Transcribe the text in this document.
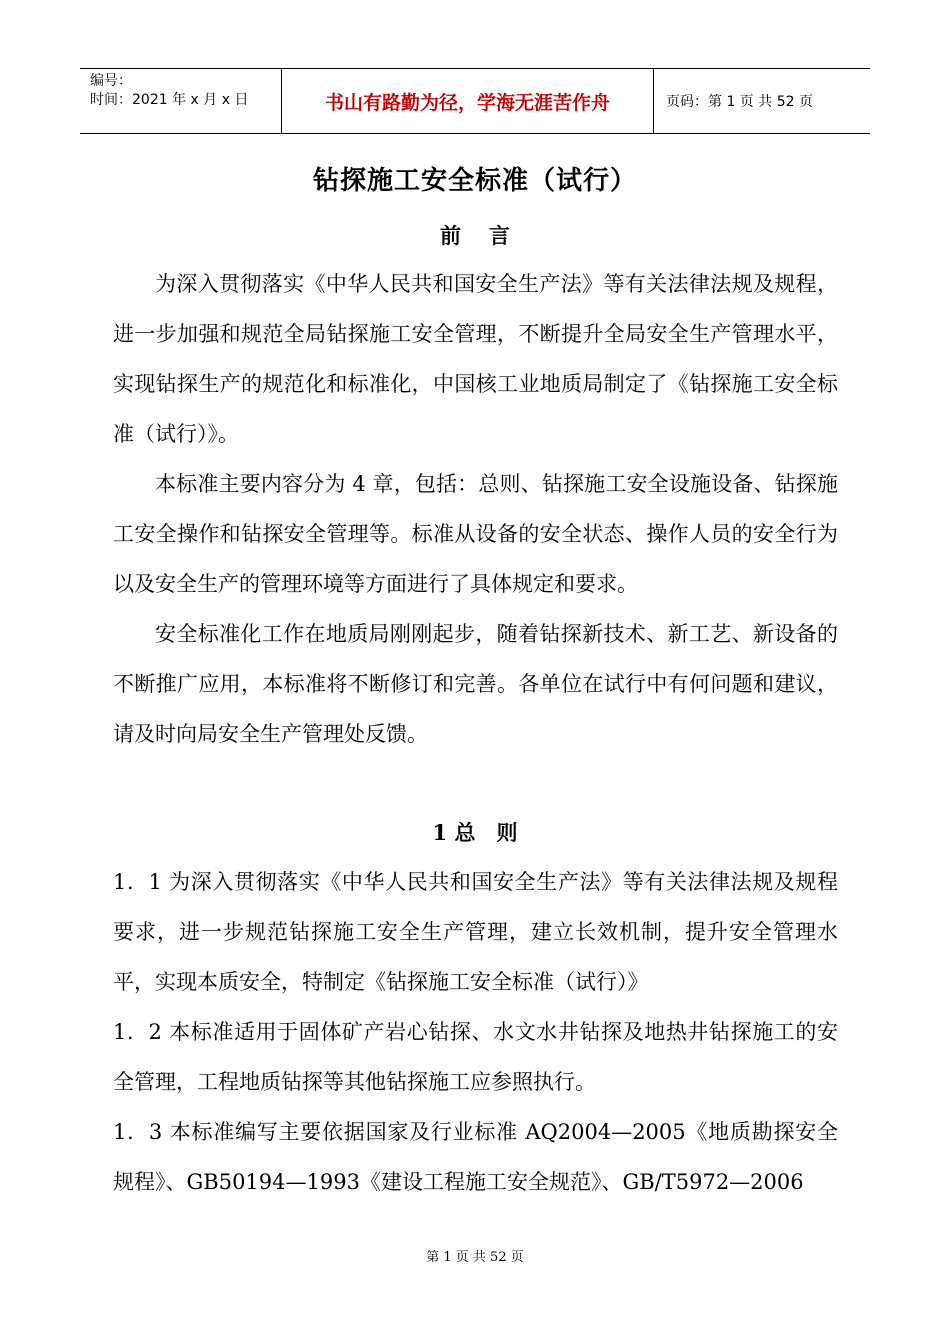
编号：
时间：2021 年 x 月 x 日	书山有路勤为径，学海无涯苦作舟	页码：第 1 页 共 52 页
钻探施工安全标准（试行）
前言
为深入贯彻落实《中华人民共和国安全生产法》等有关法律法规及规程，进一步加强和规范全局钻探施工安全管理，不断提升全局安全生产管理水平，实现钻探生产的规范化和标准化，中国核工业地质局制定了《钻探施工安全标准（试行）》。
本标准主要内容分为 4 章，包括：总则、钻探施工安全设施设备、钻探施工安全操作和钻探安全管理等。标准从设备的安全状态、操作人员的安全行为以及安全生产的管理环境等方面进行了具体规定和要求。
安全标准化工作在地质局刚刚起步，随着钻探新技术、新工艺、新设备的不断推广应用，本标准将不断修订和完善。各单位在试行中有何问题和建议，请及时向局安全生产管理处反馈。
1 总　则
1．1 为深入贯彻落实《中华人民共和国安全生产法》等有关法律法规及规程要求，进一步规范钻探施工安全生产管理，建立长效机制，提升安全管理水平，实现本质安全，特制定《钻探施工安全标准（试行）》
1．2 本标准适用于固体矿产岩心钻探、水文水井钻探及地热井钻探施工的安全管理，工程地质钻探等其他钻探施工应参照执行。
1．3 本标准编写主要依据国家及行业标准 AQ2004—2005《地质勘探安全规程》、GB50194—1993《建设工程施工安全规范》、GB/T5972—2006
第 1 页 共 52 页
